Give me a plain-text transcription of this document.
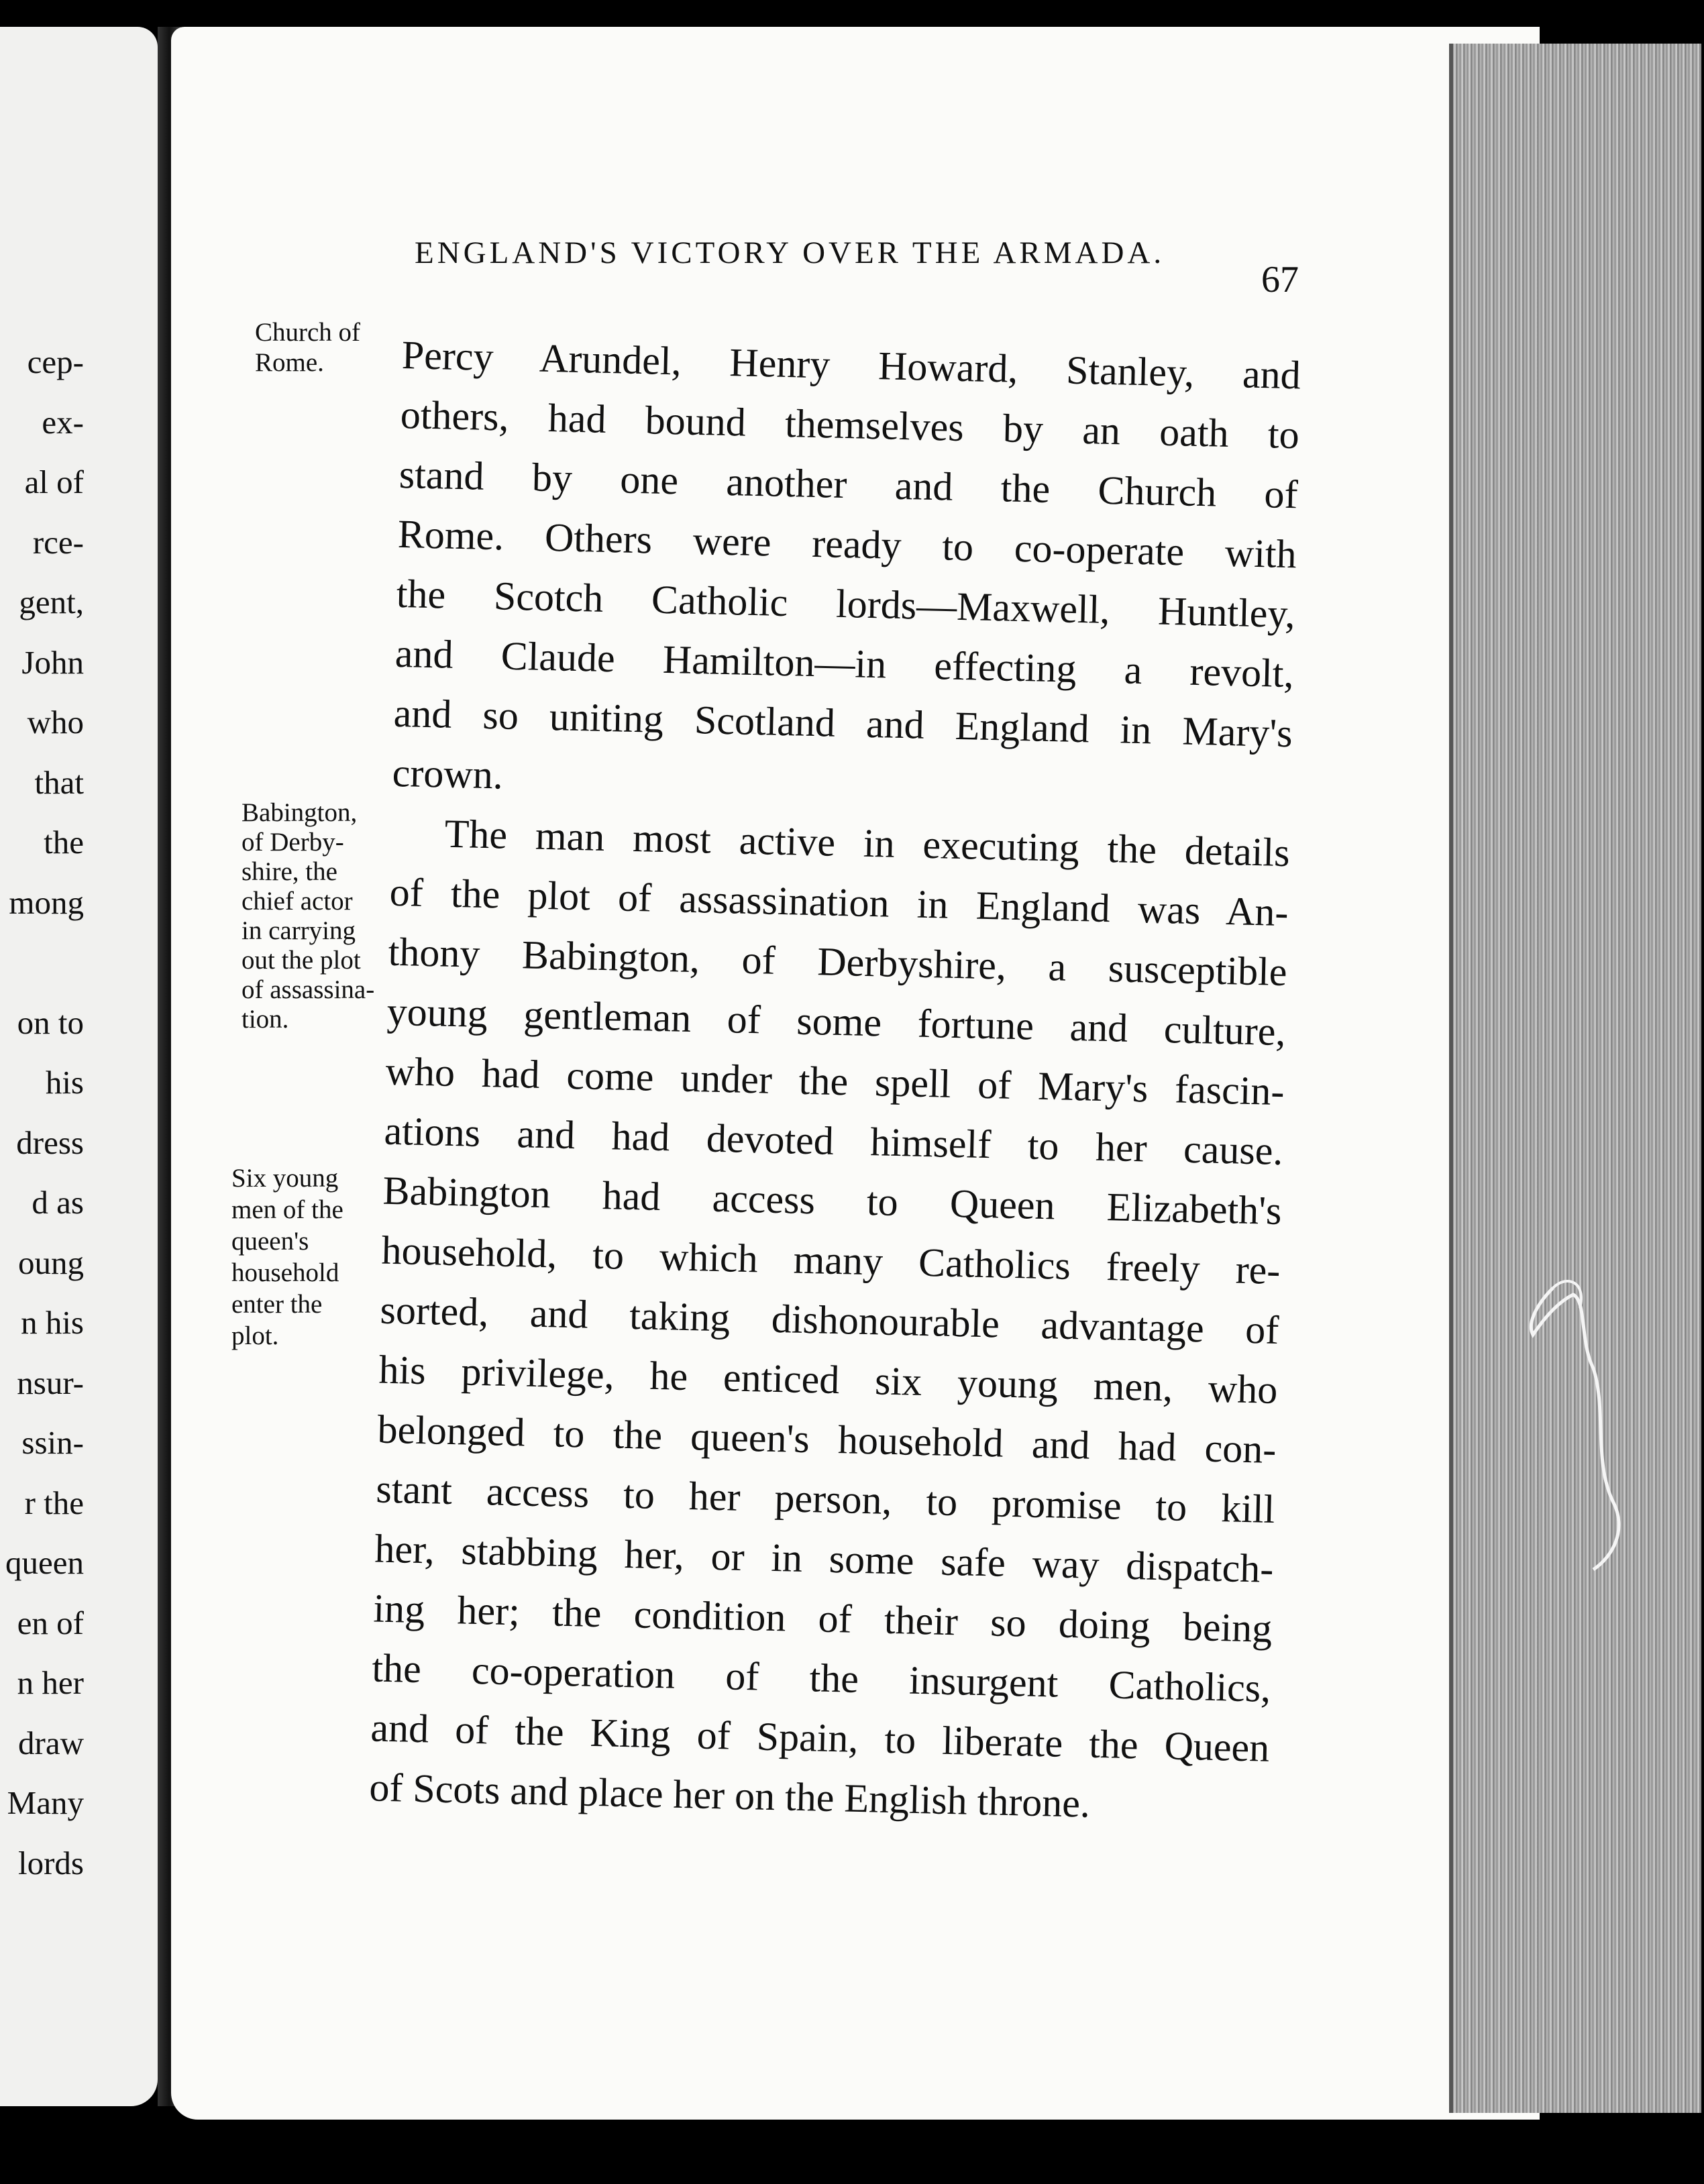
cep-
ex-
al of
rce-
gent,
John
who
that
the
mong

on to
his
dress
d as
oung
n his
nsur-
ssin-
r the
queen
en of
n her
draw
Many
lords
ENGLAND'S VICTORY OVER THE ARMADA.
67
Church of
Rome.
Babington,
of Derby-
shire, the
chief actor
in carrying
out the plot
of assassina-
tion.
Six young
men of the
queen's
household
enter the
plot.
Percy Arundel, Henry Howard, Stanley, and
others, had bound themselves by an oath to
stand by one another and the Church of
Rome. Others were ready to co-operate with
the Scotch Catholic lords—Maxwell, Huntley,
and Claude Hamilton—in effecting a revolt,
and so uniting Scotland and England in Mary's
crown.
The man most active in executing the details
of the plot of assassination in England was An-
thony Babington, of Derbyshire, a susceptible
young gentleman of some fortune and culture,
who had come under the spell of Mary's fascin-
ations and had devoted himself to her cause.
Babington had access to Queen Elizabeth's
household, to which many Catholics freely re-
sorted, and taking dishonourable advantage of
his privilege, he enticed six young men, who
belonged to the queen's household and had con-
stant access to her person, to promise to kill
her, stabbing her, or in some safe way dispatch-
ing her; the condition of their so doing being
the co-operation of the insurgent Catholics,
and of the King of Spain, to liberate the Queen
of Scots and place her on the English throne.
